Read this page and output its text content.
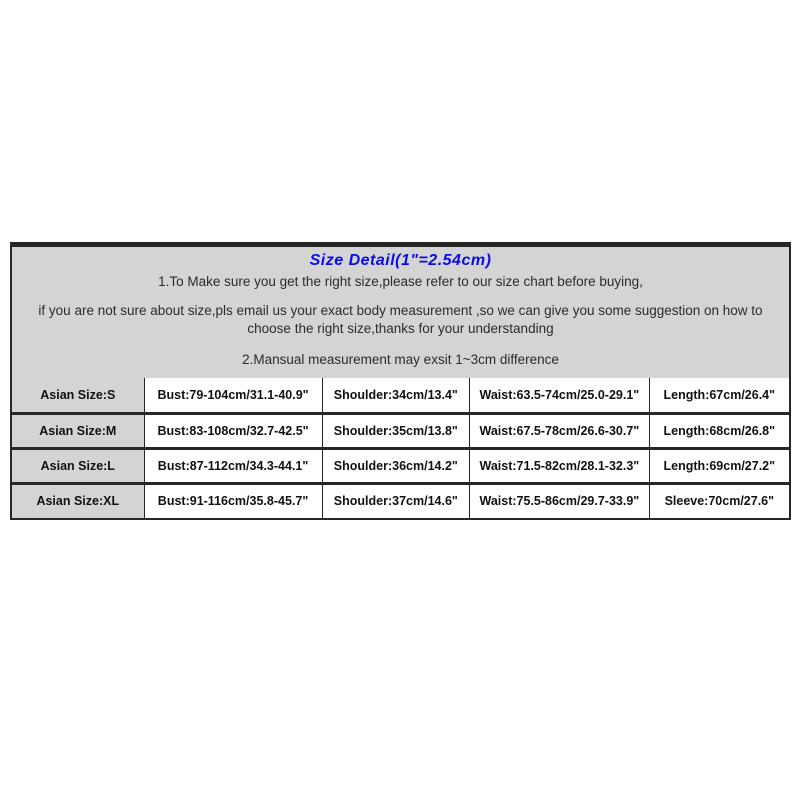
Size Detail(1"=2.54cm)
1.To Make sure you get the right size,please refer to our size chart before buying,
if you are not sure about size,pls email us your exact body measurement ,so we can give you some suggestion on how to choose the right size,thanks for your understanding
2.Mansual measurement may exsit 1~3cm difference
Asian Size:S	Bust:79-104cm/31.1-40.9"	Shoulder:34cm/13.4"	Waist:63.5-74cm/25.0-29.1"	Length:67cm/26.4"
Asian Size:M	Bust:83-108cm/32.7-42.5"	Shoulder:35cm/13.8"	Waist:67.5-78cm/26.6-30.7"	Length:68cm/26.8"
Asian Size:L	Bust:87-112cm/34.3-44.1"	Shoulder:36cm/14.2"	Waist:71.5-82cm/28.1-32.3"	Length:69cm/27.2"
Asian Size:XL	Bust:91-116cm/35.8-45.7"	Shoulder:37cm/14.6"	Waist:75.5-86cm/29.7-33.9"	Sleeve:70cm/27.6"
